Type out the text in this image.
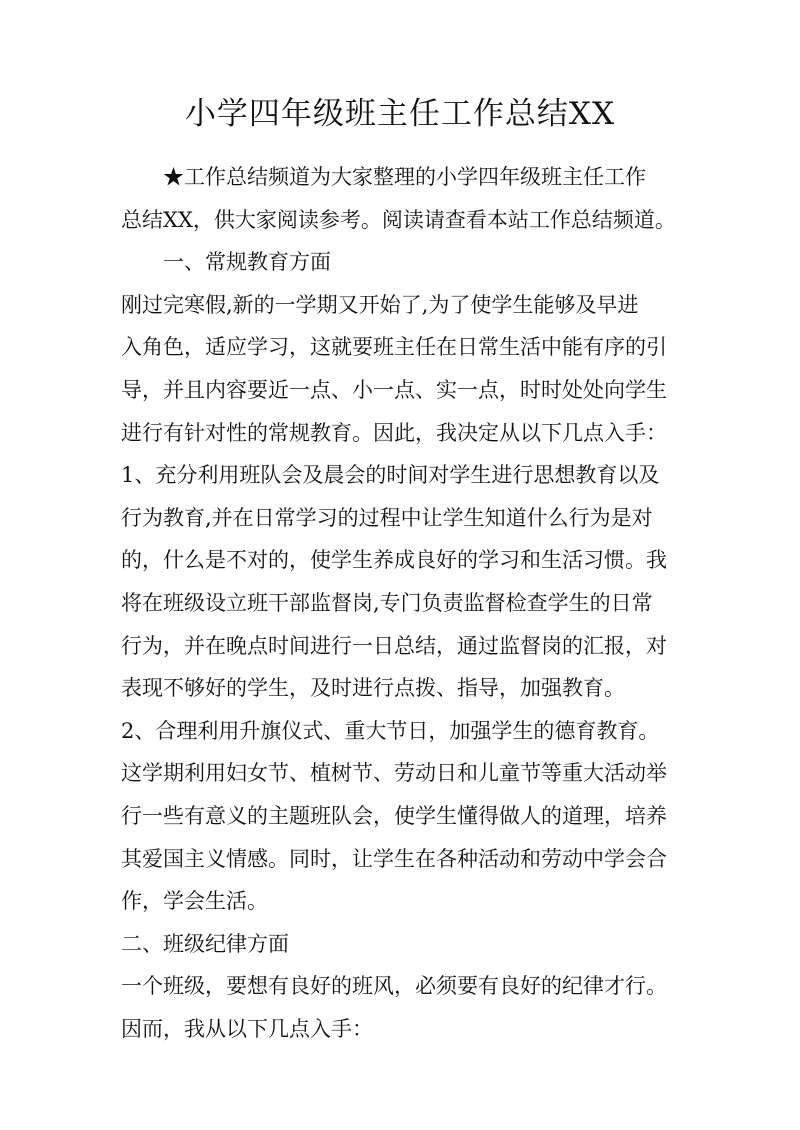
小学四年级班主任工作总结XX
★工作总结频道为大家整理的小学四年级班主任工作
总结XX，供大家阅读参考。阅读请查看本站工作总结频道。
一、常规教育方面
刚过完寒假,新的一学期又开始了,为了使学生能够及早进
入角色，适应学习，这就要班主任在日常生活中能有序的引
导，并且内容要近一点、小一点、实一点，时时处处向学生
进行有针对性的常规教育。因此，我决定从以下几点入手：
1、充分利用班队会及晨会的时间对学生进行思想教育以及
行为教育,并在日常学习的过程中让学生知道什么行为是对
的，什么是不对的，使学生养成良好的学习和生活习惯。我
将在班级设立班干部监督岗,专门负责监督检查学生的日常
行为，并在晚点时间进行一日总结，通过监督岗的汇报，对
表现不够好的学生，及时进行点拨、指导，加强教育。
2、合理利用升旗仪式、重大节日，加强学生的德育教育。
这学期利用妇女节、植树节、劳动日和儿童节等重大活动举
行一些有意义的主题班队会，使学生懂得做人的道理，培养
其爱国主义情感。同时，让学生在各种活动和劳动中学会合
作，学会生活。
二、班级纪律方面
一个班级，要想有良好的班风，必须要有良好的纪律才行。
因而，我从以下几点入手：
